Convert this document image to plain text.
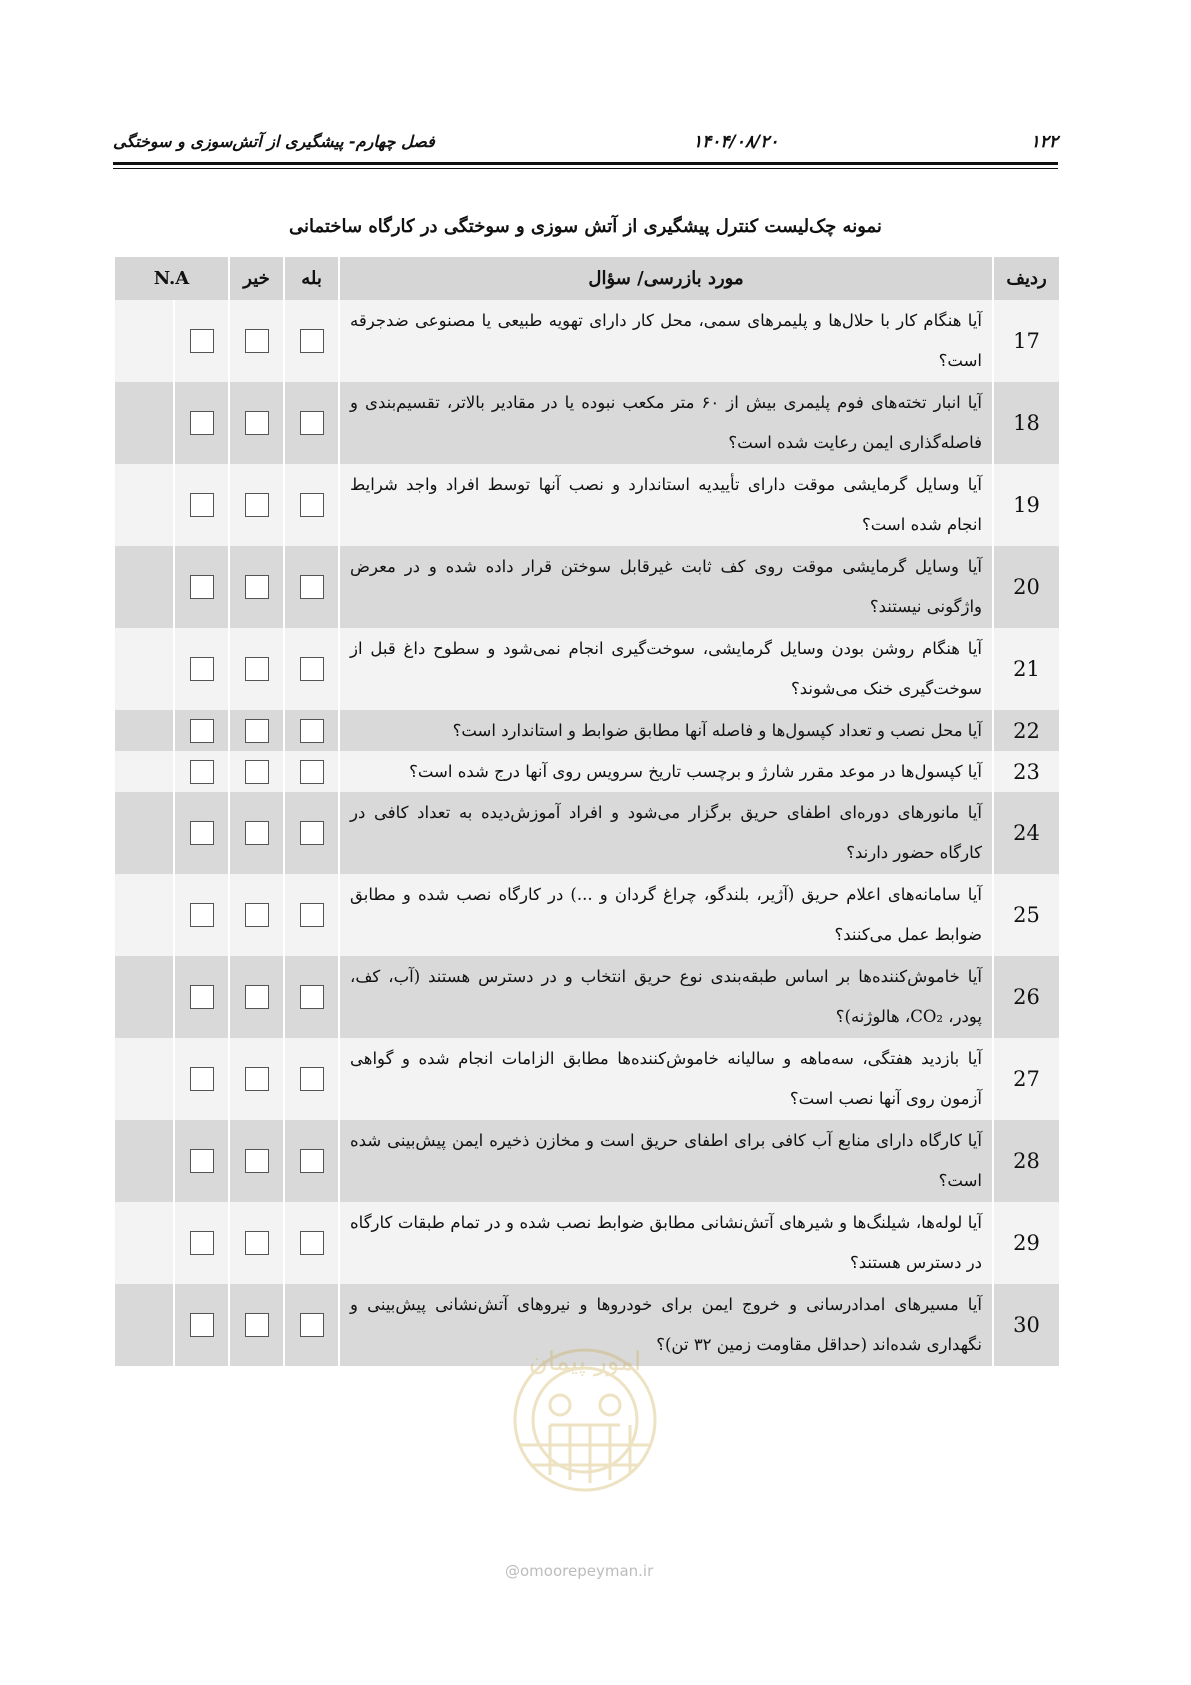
۱۲۲
۱۴۰۴/۰۸/۲۰
فصل چهارم- پیشگیری از آتش‌سوزی و سوختگی
نمونه چک‌لیست کنترل پیشگیری از آتش سوزی و سوختگی در کارگاه ساختمانی
ردیف	مورد بازرسی/ سؤال	بله	خیر	N.A	
17	آیا هنگام کار با حلال‌ها و پلیمرهای سمی، محل کار دارای تهویه طبیعی یا مصنوعی ضدجرقه است؟				
18	آیا انبار تخته‌های فوم پلیمری بیش از ۶۰ متر مکعب نبوده یا در مقادیر بالاتر، تقسیم‌بندی و فاصله‌گذاری ایمن رعایت شده است؟				
19	آیا وسایل گرمایشی موقت دارای تأییدیه استاندارد و نصب آنها توسط افراد واجد شرایط انجام شده است؟				
20	آیا وسایل گرمایشی موقت روی کف ثابت غیرقابل سوختن قرار داده شده و در معرض واژگونی نیستند؟				
21	آیا هنگام روشن بودن وسایل گرمایشی، سوخت‌گیری انجام نمی‌شود و سطوح داغ قبل از سوخت‌گیری خنک می‌شوند؟				
22	آیا محل نصب و تعداد کپسول‌ها و فاصله آنها مطابق ضوابط و استاندارد است؟				
23	آیا کپسول‌ها در موعد مقرر شارژ و برچسب تاریخ سرویس روی آنها درج شده است؟				
24	آیا مانورهای دوره‌ای اطفای حریق برگزار می‌شود و افراد آموزش‌دیده به تعداد کافی در کارگاه حضور دارند؟				
25	آیا سامانه‌های اعلام حریق (آژیر، بلندگو، چراغ گردان و ...) در کارگاه نصب شده و مطابق ضوابط عمل می‌کنند؟				
26	آیا خاموش‌کننده‌ها بر اساس طبقه‌بندی نوع حریق انتخاب و در دسترس هستند (آب، کف، پودر، CO₂، هالوژنه)؟				
27	آیا بازدید هفتگی، سه‌ماهه و سالیانه خاموش‌کننده‌ها مطابق الزامات انجام شده و گواهی آزمون روی آنها نصب است؟				
28	آیا کارگاه دارای منابع آب کافی برای اطفای حریق است و مخازن ذخیره ایمن پیش‌بینی شده است؟				
29	آیا لوله‌ها، شیلنگ‌ها و شیرهای آتش‌نشانی مطابق ضوابط نصب شده و در تمام طبقات کارگاه در دسترس هستند؟				
30	آیا مسیرهای امدادرسانی و خروج ایمن برای خودروها و نیروهای آتش‌نشانی پیش‌بینی و نگهداری شده‌اند (حداقل مقاومت زمین ۳۲ تن)؟				
امور پیمان
@omoorepeyman.ir
